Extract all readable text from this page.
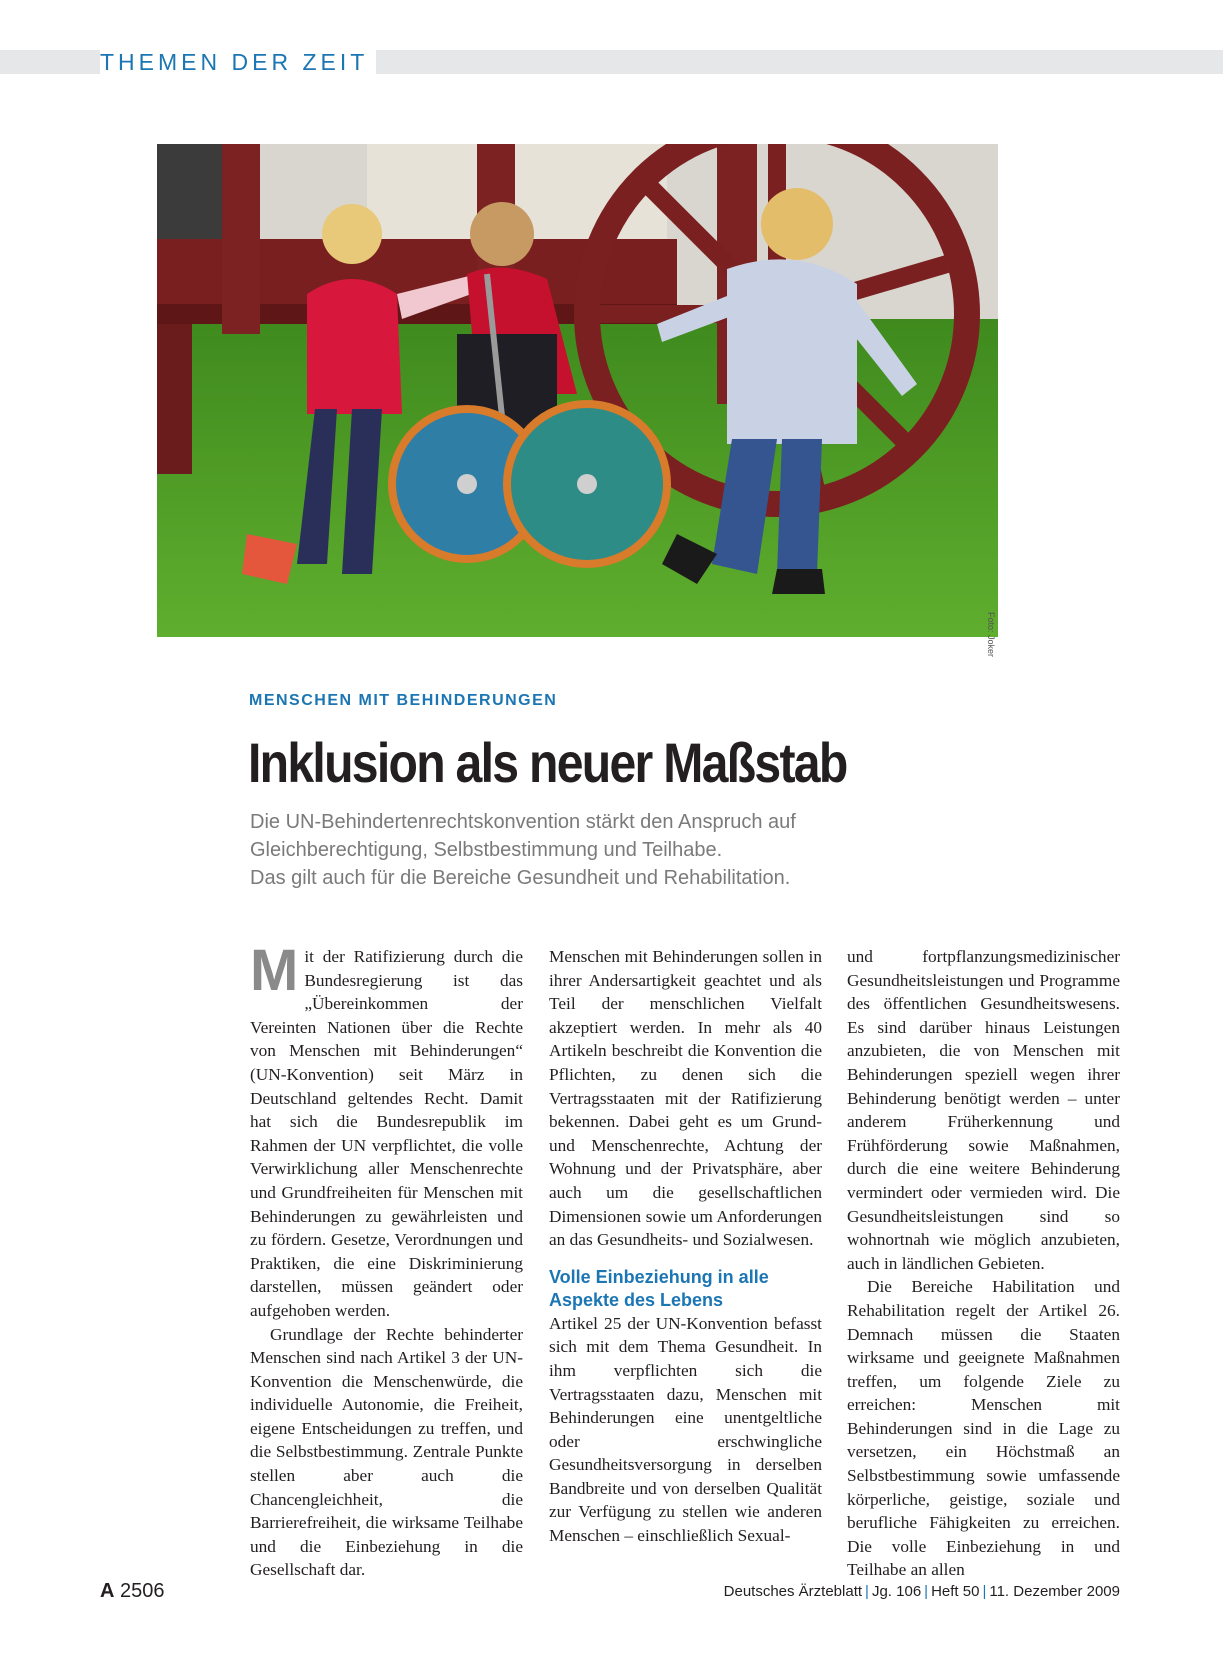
THEMEN DER ZEIT
Foto: Joker
MENSCHEN MIT BEHINDERUNGEN
Inklusion als neuer Maßstab
Die UN-Behindertenrechtskonvention stärkt den Anspruch auf
Gleichberechtigung, Selbstbestimmung und Teilhabe.
Das gilt auch für die Bereiche Gesundheit und Rehabilitation.

Mit der Ratifizierung durch die Bundesregierung ist das „Übereinkommen der Vereinten Nationen über die Rechte von Menschen mit Behinderungen“ (UN-Konvention) seit März in Deutschland geltendes Recht. Damit hat sich die Bundesrepublik im Rahmen der UN verpflichtet, die volle Verwirklichung aller Menschenrechte und Grundfreiheiten für Menschen mit Behinderungen zu gewährleisten und zu fördern. Gesetze, Verordnungen und Praktiken, die eine Diskriminierung darstellen, müssen geändert oder aufgehoben werden.

Grundlage der Rechte behinderter Menschen sind nach Artikel 3 der UN-Konvention die Menschenwürde, die individuelle Autonomie, die Freiheit, eigene Entscheidungen zu treffen, und die Selbstbestimmung. Zentrale Punkte stellen aber auch die Chancengleichheit, die Barrierefreiheit, die wirksame Teilhabe und die Einbeziehung in die Gesellschaft dar.

Menschen mit Behinderungen sollen in ihrer Andersartigkeit geachtet und als Teil der menschlichen Vielfalt akzeptiert werden. In mehr als 40 Artikeln beschreibt die Konvention die Pflichten, zu denen sich die Vertragsstaaten mit der Ratifizierung bekennen. Dabei geht es um Grund- und Menschenrechte, Achtung der Wohnung und der Privatsphäre, aber auch um die gesellschaftlichen Dimensionen sowie um Anforderungen an das Gesundheits- und Sozialwesen.

Volle Einbeziehung in alle Aspekte des Lebens

Artikel 25 der UN-Konvention befasst sich mit dem Thema Gesundheit. In ihm verpflichten sich die Vertragsstaaten dazu, Menschen mit Behinderungen eine unentgeltliche oder erschwingliche Gesundheitsversorgung in derselben Bandbreite und von derselben Qualität zur Verfügung zu stellen wie anderen Menschen – einschließlich Sexual-

und fortpflanzungsmedizinischer Gesundheitsleistungen und Programme des öffentlichen Gesundheitswesens. Es sind darüber hinaus Leistungen anzubieten, die von Menschen mit Behinderungen speziell wegen ihrer Behinderung benötigt werden – unter anderem Früherkennung und Frühförderung sowie Maßnahmen, durch die eine weitere Behinderung vermindert oder vermieden wird. Die Gesundheitsleistungen sind so wohnortnah wie möglich anzubieten, auch in ländlichen Gebieten.

Die Bereiche Habilitation und Rehabilitation regelt der Artikel 26. Demnach müssen die Staaten wirksame und geeignete Maßnahmen treffen, um folgende Ziele zu erreichen: Menschen mit Behinderungen sind in die Lage zu versetzen, ein Höchstmaß an Selbstbestimmung sowie umfassende körperliche, geistige, soziale und berufliche Fähigkeiten zu erreichen. Die volle Einbeziehung in und Teilhabe an allen

A 2506	Deutsches Ärzteblatt | Jg. 106 | Heft 50 | 11. Dezember 2009
